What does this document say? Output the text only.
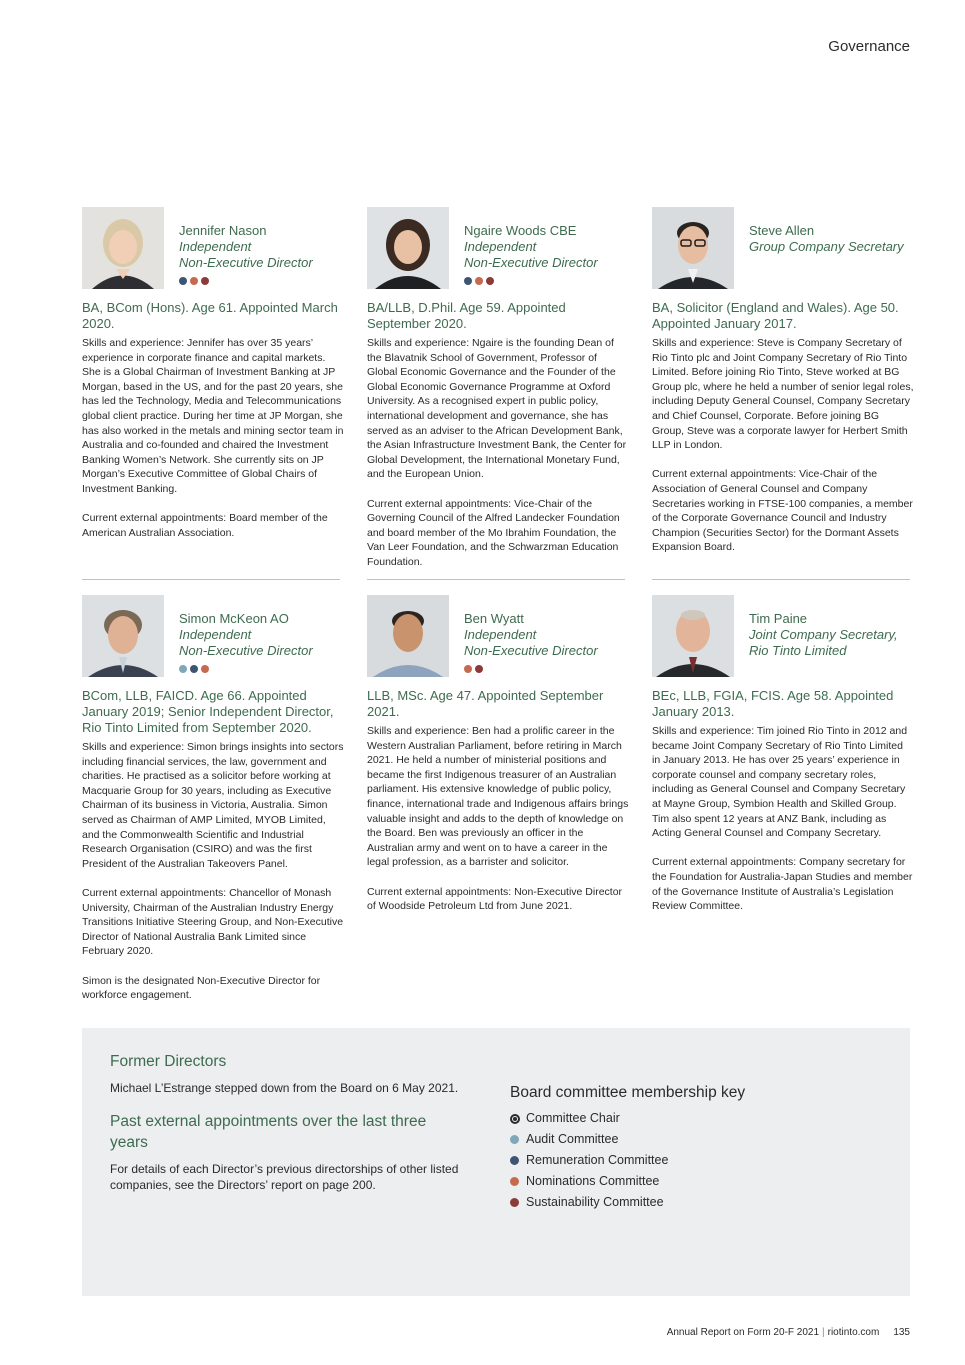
Governance
Jennifer Nason
Independent
Non-Executive Director
BA, BCom (Hons). Age 61. Appointed March 2020.

Skills and experience: Jennifer has over 35 years’ experience in corporate finance and capital markets. She is a Global Chairman of Investment Banking at JP Morgan, based in the US, and for the past 20 years, she has led the Technology, Media and Telecommunications global client practice. During her time at JP Morgan, she has also worked in the metals and mining sector team in Australia and co-founded and chaired the Investment Banking Women’s Network. She currently sits on JP Morgan’s Executive Committee of Global Chairs of Investment Banking.

Current external appointments: Board member of the American Australian Association.

Ngaire Woods CBE
Independent
Non-Executive Director
BA/LLB, D.Phil. Age 59. Appointed September 2020.

Skills and experience: Ngaire is the founding Dean of the Blavatnik School of Government, Professor of Global Economic Governance and the Founder of the Global Economic Governance Programme at Oxford University. As a recognised expert in public policy, international development and governance, she has served as an adviser to the African Development Bank, the Asian Infrastructure Investment Bank, the Center for Global Development, the International Monetary Fund, and the European Union.

Current external appointments: Vice-Chair of the Governing Council of the Alfred Landecker Foundation and board member of the Mo Ibrahim Foundation, the Van Leer Foundation, and the Schwarzman Education Foundation.

Steve Allen
Group Company Secretary
BA, Solicitor (England and Wales). Age 50. Appointed January 2017.

Skills and experience: Steve is Company Secretary of Rio Tinto plc and Joint Company Secretary of Rio Tinto Limited. Before joining Rio Tinto, Steve worked at BG Group plc, where he held a number of senior legal roles, including Deputy General Counsel, Company Secretary and Chief Counsel, Corporate. Before joining BG Group, Steve was a corporate lawyer for Herbert Smith LLP in London.

Current external appointments: Vice-Chair of the Association of General Counsel and Company Secretaries working in FTSE-100 companies, a member of the Corporate Governance Council and Industry Champion (Securities Sector) for the Dormant Assets Expansion Board.

Simon McKeon AO
Independent
Non-Executive Director
BCom, LLB, FAICD. Age 66. Appointed January 2019; Senior Independent Director, Rio Tinto Limited from September 2020.

Skills and experience: Simon brings insights into sectors including financial services, the law, government and charities. He practised as a solicitor before working at Macquarie Group for 30 years, including as Executive Chairman of its business in Victoria, Australia. Simon served as Chairman of AMP Limited, MYOB Limited, and the Commonwealth Scientific and Industrial Research Organisation (CSIRO) and was the first President of the Australian Takeovers Panel.

Current external appointments: Chancellor of Monash University, Chairman of the Australian Industry Energy Transitions Initiative Steering Group, and Non-Executive Director of National Australia Bank Limited since February 2020.

Simon is the designated Non-Executive Director for workforce engagement.

Ben Wyatt
Independent
Non-Executive Director
LLB, MSc. Age 47. Appointed September 2021.

Skills and experience: Ben had a prolific career in the Western Australian Parliament, before retiring in March 2021. He held a number of ministerial positions and became the first Indigenous treasurer of an Australian parliament. His extensive knowledge of public policy, finance, international trade and Indigenous affairs brings valuable insight and adds to the depth of knowledge on the Board. Ben was previously an officer in the Australian army and went on to have a career in the legal profession, as a barrister and solicitor.

Current external appointments: Non-Executive Director of Woodside Petroleum Ltd from June 2021.

Tim Paine
Joint Company Secretary,
Rio Tinto Limited
BEc, LLB, FGIA, FCIS. Age 58. Appointed January 2013.

Skills and experience: Tim joined Rio Tinto in 2012 and became Joint Company Secretary of Rio Tinto Limited in January 2013. He has over 25 years’ experience in corporate counsel and company secretary roles, including as General Counsel and Company Secretary at Mayne Group, Symbion Health and Skilled Group. Tim also spent 12 years at ANZ Bank, including as Acting General Counsel and Company Secretary.

Current external appointments: Company secretary for the Foundation for Australia-Japan Studies and member of the Governance Institute of Australia’s Legislation Review Committee.

Former Directors
Michael L’Estrange stepped down from the Board on 6 May 2021.
Past external appointments over the last three years
For details of each Director’s previous directorships of other listed companies, see the Directors’ report on page 200.
Board committee membership key
Committee Chair
Audit Committee
Remuneration Committee
Nominations Committee
Sustainability Committee
Annual Report on Form 20-F 2021 | riotinto.com 135
